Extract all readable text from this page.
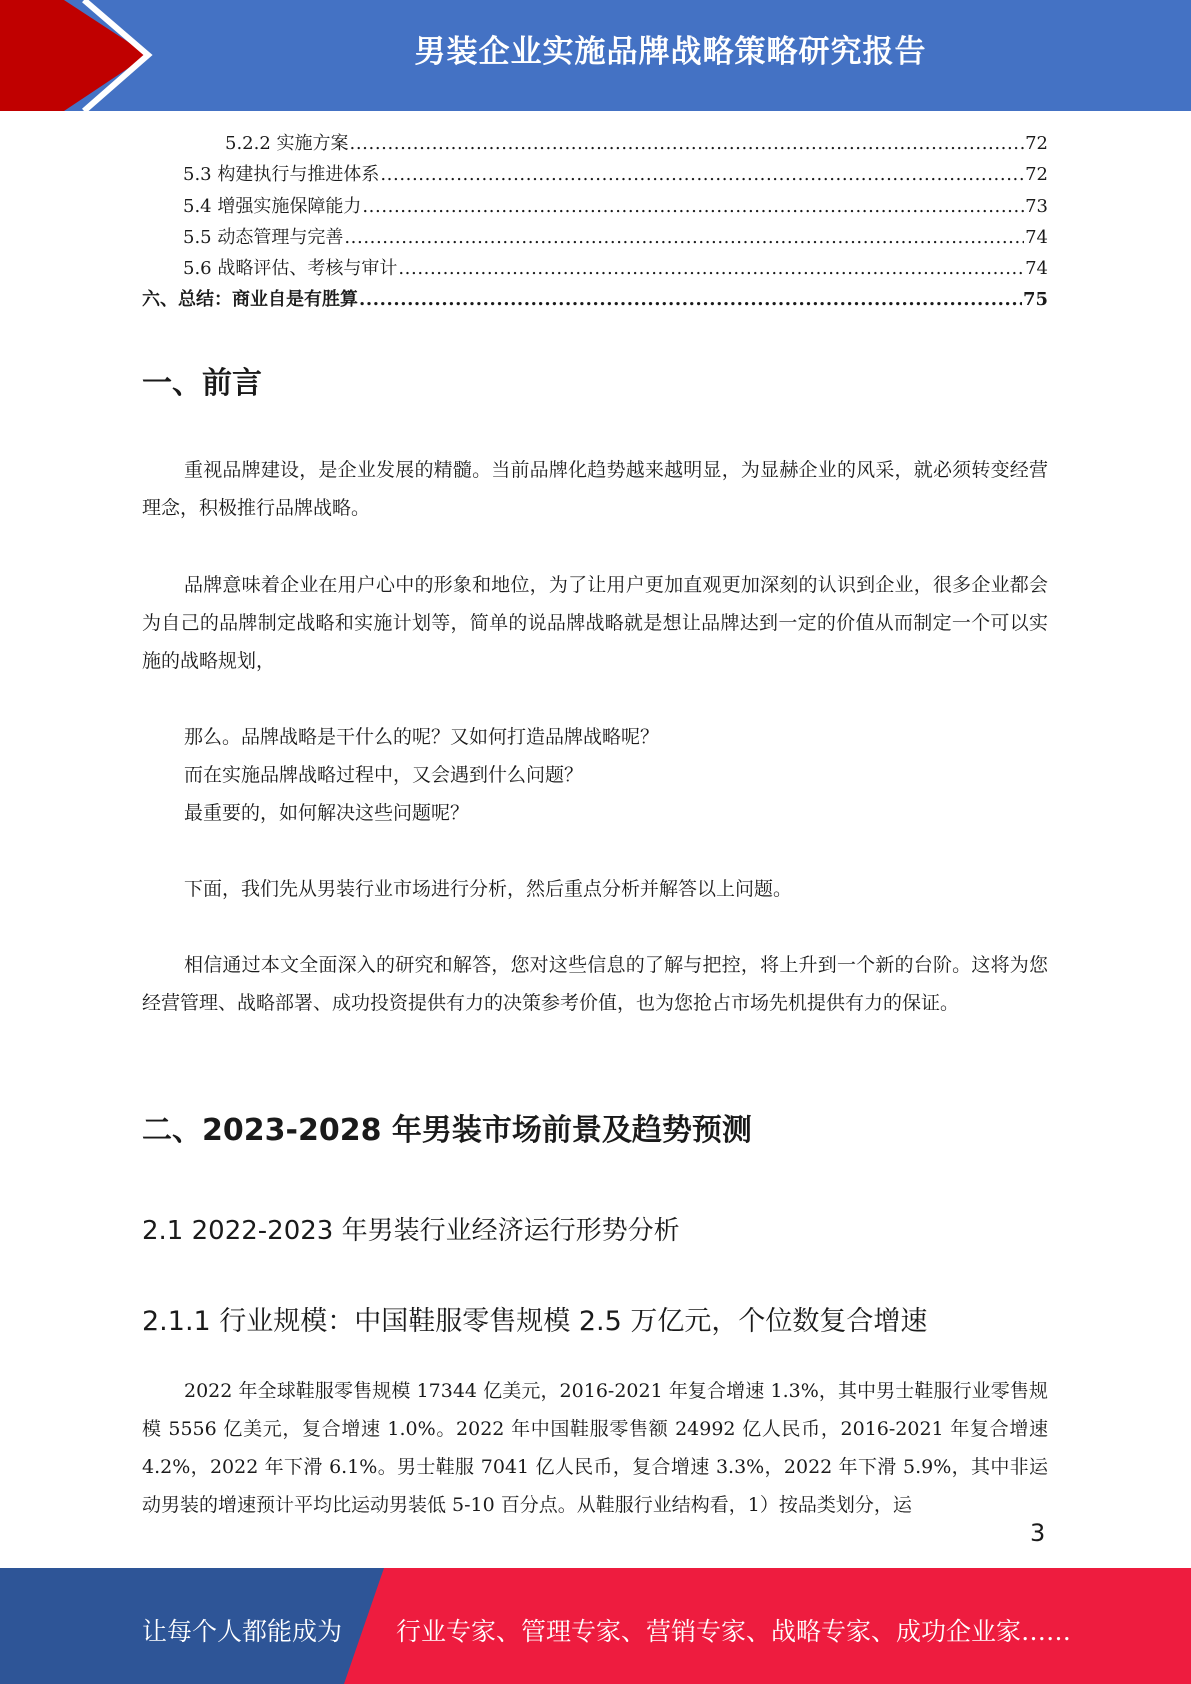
男装企业实施品牌战略策略研究报告
5.2.2 实施方案 .....	72
5.3 构建执行与推进体系 .....	72
5.4 增强实施保障能力 .....	73
5.5 动态管理与完善 .....	74
5.6 战略评估、考核与审计 .....	74
六、总结：商业自是有胜算 .....	75
一、前言

重视品牌建设，是企业发展的精髓。当前品牌化趋势越来越明显，为显赫企业的风采，就必须转变经营理念，积极推行品牌战略。

品牌意味着企业在用户心中的形象和地位，为了让用户更加直观更加深刻的认识到企业，很多企业都会为自己的品牌制定战略和实施计划等，简单的说品牌战略就是想让品牌达到一定的价值从而制定一个可以实施的战略规划，

那么。品牌战略是干什么的呢？又如何打造品牌战略呢？

而在实施品牌战略过程中，又会遇到什么问题？

最重要的，如何解决这些问题呢？

下面，我们先从男装行业市场进行分析，然后重点分析并解答以上问题。

相信通过本文全面深入的研究和解答，您对这些信息的了解与把控，将上升到一个新的台阶。这将为您经营管理、战略部署、成功投资提供有力的决策参考价值，也为您抢占市场先机提供有力的保证。

二、2023-2028 年男装市场前景及趋势预测
2.1 2022-2023 年男装行业经济运行形势分析
2.1.1 行业规模：中国鞋服零售规模 2.5 万亿元，个位数复合增速

2022 年全球鞋服零售规模 17344 亿美元，2016-2021 年复合增速 1.3%，其中男士鞋服行业零售规模 5556 亿美元，复合增速 1.0%。2022 年中国鞋服零售额 24992 亿人民币，2016-2021 年复合增速 4.2%，2022 年下滑 6.1%。男士鞋服 7041 亿人民币，复合增速 3.3%，2022 年下滑 5.9%，其中非运动男装的增速预计平均比运动男装低 5-10 百分点。从鞋服行业结构看，1）按品类划分，运

3
让每个人都能成为 行业专家、管理专家、营销专家、战略专家、成功企业家……
